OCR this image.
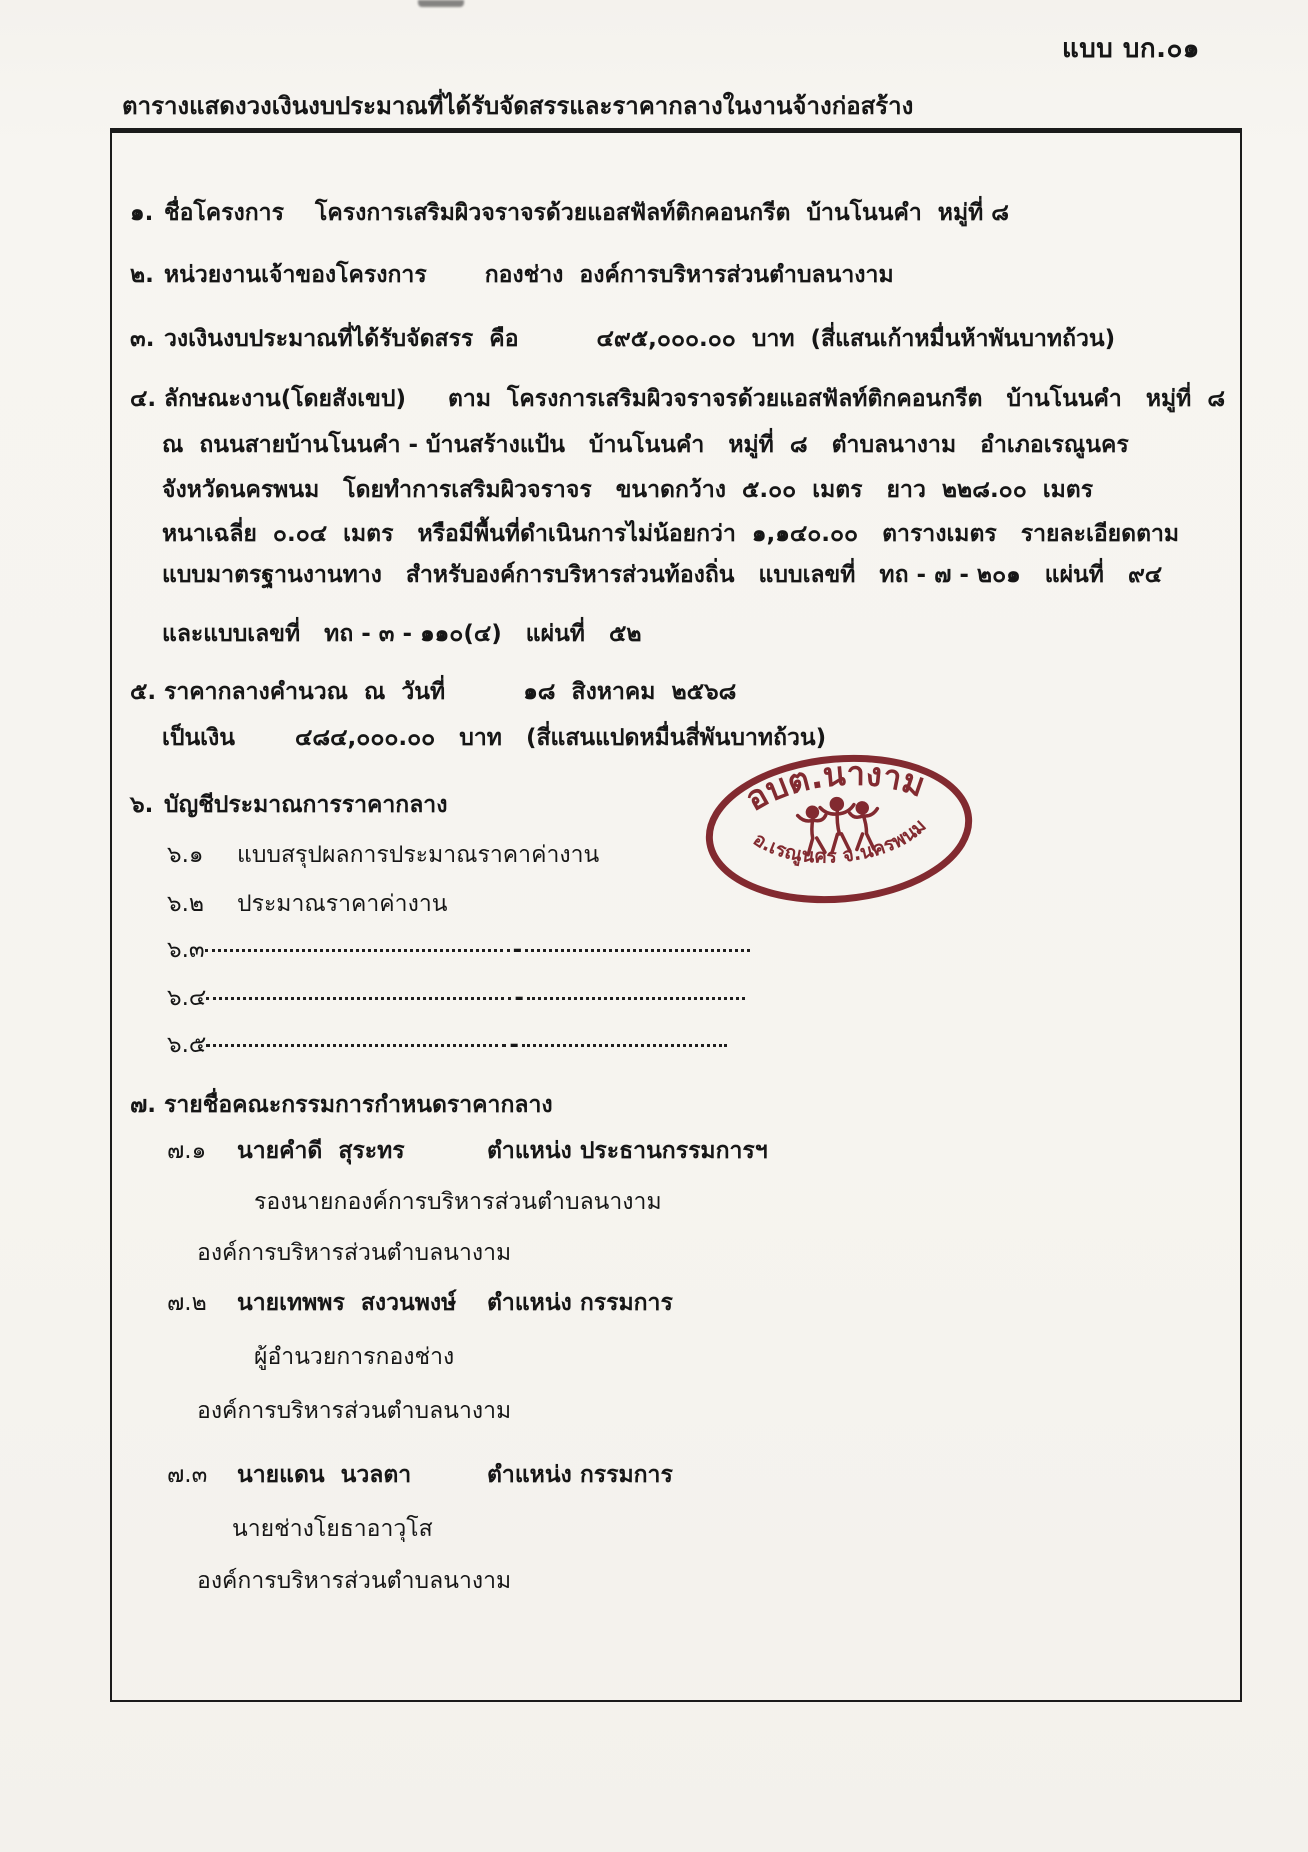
แบบ บก.๐๑
ตารางแสดงวงเงินงบประมาณที่ได้รับจัดสรรและราคากลางในงานจ้างก่อสร้าง
๑. ชื่อโครงการ โครงการเสริมผิวจราจรด้วยแอสฟัลท์ติกคอนกรีต  บ้านโนนคำ  หมู่ที่ ๘
๒. หน่วยงานเจ้าของโครงการ	กองช่าง  องค์การบริหารส่วนตำบลนางาม
๓. วงเงินงบประมาณที่ได้รับจัดสรร  คือ	๔๙๕,๐๐๐.๐๐  บาท  (สี่แสนเก้าหมื่นห้าพันบาทถ้วน)
๔. ลักษณะงาน(โดยสังเขป) ตาม  โครงการเสริมผิวจราจรด้วยแอสฟัลท์ติกคอนกรีต   บ้านโนนคำ   หมู่ที่  ๘
ณ  ถนนสายบ้านโนนคำ - บ้านสร้างแป้น   บ้านโนนคำ   หมู่ที่  ๘   ตำบลนางาม   อำเภอเรณูนคร
จังหวัดนครพนม   โดยทำการเสริมผิวจราจร   ขนาดกว้าง  ๕.๐๐  เมตร   ยาว  ๒๒๘.๐๐  เมตร
หนาเฉลี่ย  ๐.๐๔  เมตร   หรือมีพื้นที่ดำเนินการไม่น้อยกว่า  ๑,๑๔๐.๐๐   ตารางเมตร   รายละเอียดตาม
แบบมาตรฐานงานทาง   สำหรับองค์การบริหารส่วนท้องถิ่น   แบบเลขที่   ทถ - ๗ - ๒๐๑   แผ่นที่   ๙๔
และแบบเลขที่   ทถ - ๓ - ๑๑๐(๔)   แผ่นที่   ๕๒
๕. ราคากลางคำนวณ  ณ  วันที่	๑๘  สิงหาคม  ๒๕๖๘
เป็นเงิน	๔๘๔,๐๐๐.๐๐   บาท   (สี่แสนแปดหมื่นสี่พันบาทถ้วน)
๖. บัญชีประมาณการราคากลาง
๖.๑	แบบสรุปผลการประมาณราคาค่างาน
๖.๒	ประมาณราคาค่างาน
๖.๓	-
๖.๔	-
๖.๕	-
๗. รายชื่อคณะกรรมการกำหนดราคากลาง
๗.๑	นายคำดี  สุระทร	ตำแหน่ง ประธานกรรมการฯ
รองนายกองค์การบริหารส่วนตำบลนางาม
องค์การบริหารส่วนตำบลนางาม
๗.๒	นายเทพพร  สงวนพงษ์	ตำแหน่ง กรรมการ
ผู้อำนวยการกองช่าง
องค์การบริหารส่วนตำบลนางาม
๗.๓	นายแดน  นวลตา	ตำแหน่ง กรรมการ
นายช่างโยธาอาวุโส
องค์การบริหารส่วนตำบลนางาม
อบต.นางาม
อ.เรณูนคร จ.นครพนม
